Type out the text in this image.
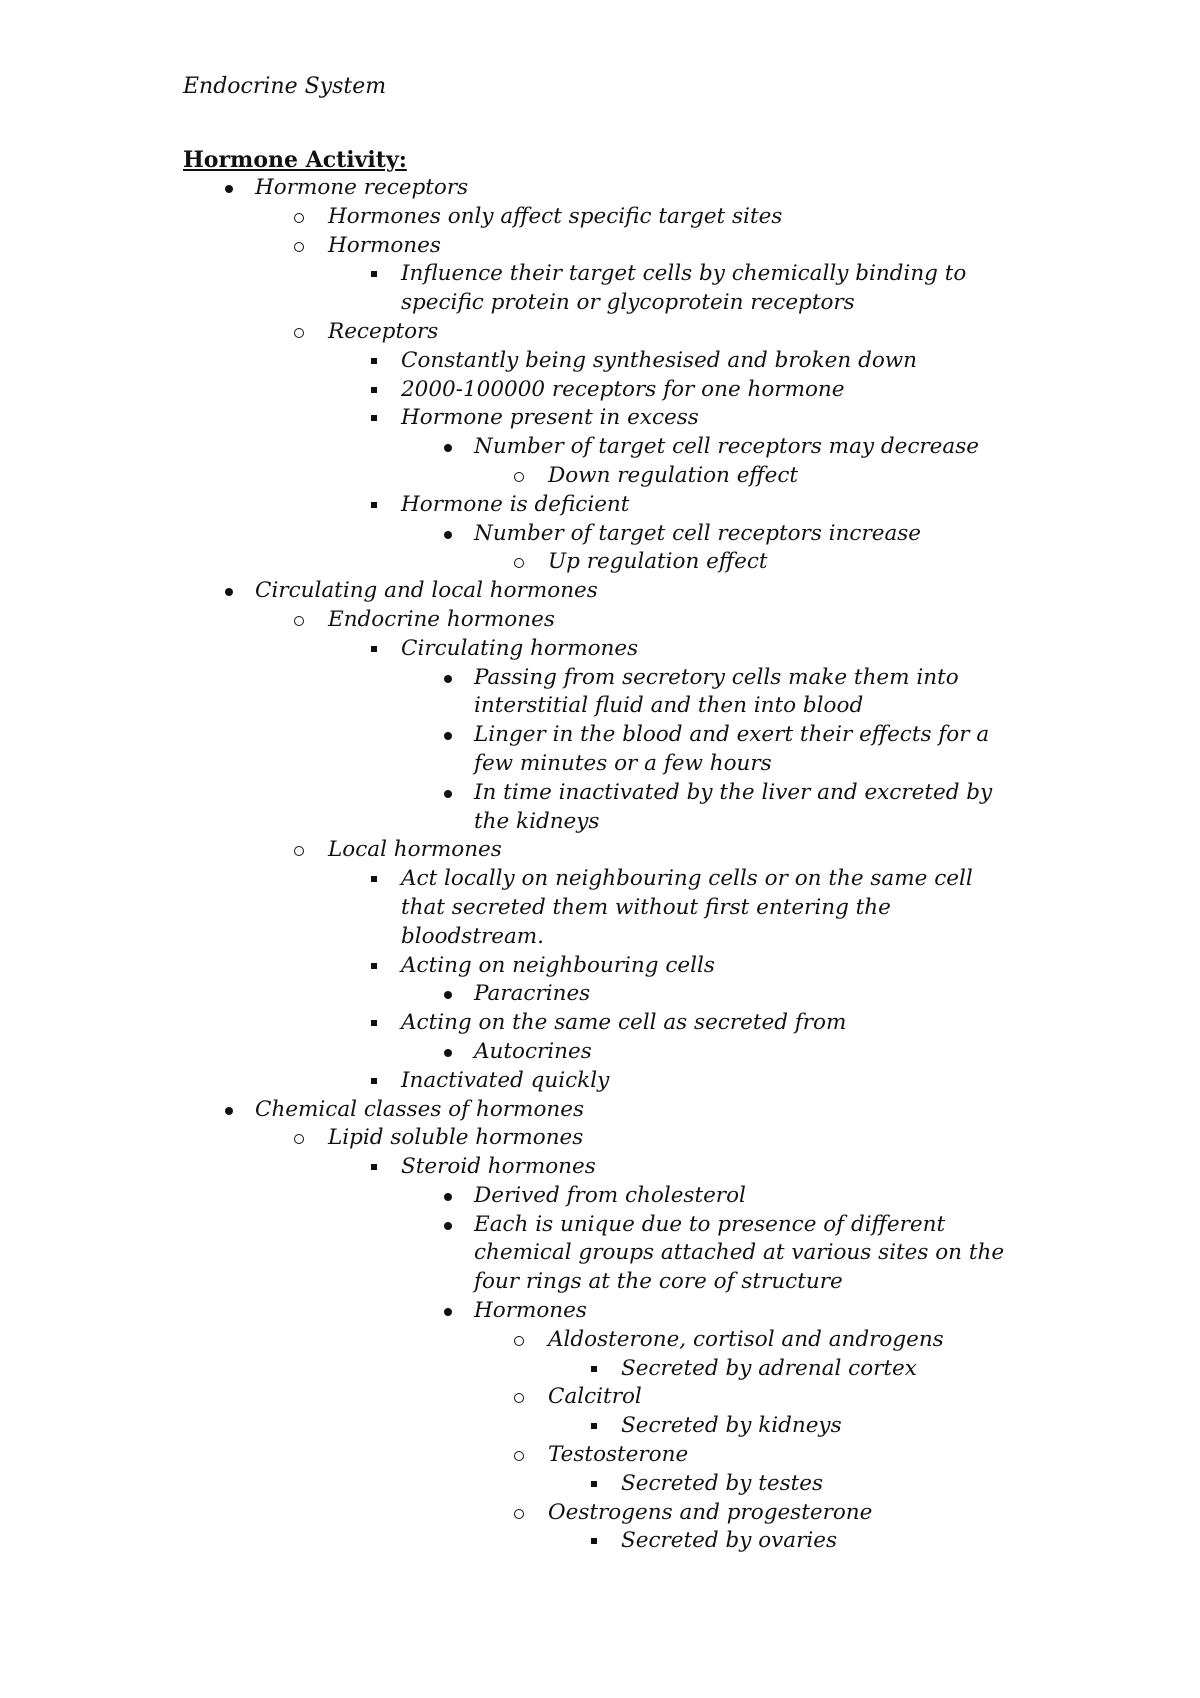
Endocrine System
Hormone Activity:
Hormone receptors
Hormones only affect specific target sites
Hormones
Influence their target cells by chemically binding to specific protein or glycoprotein receptors
Receptors
Constantly being synthesised and broken down
2000-100000 receptors for one hormone
Hormone present in excess
Number of target cell receptors may decrease
Down regulation effect
Hormone is deficient
Number of target cell receptors increase
Up regulation effect
Circulating and local hormones
Endocrine hormones
Circulating hormones
Passing from secretory cells make them into interstitial fluid and then into blood
Linger in the blood and exert their effects for a few minutes or a few hours
In time inactivated by the liver and excreted by the kidneys
Local hormones
Act locally on neighbouring cells or on the same cell that secreted them without first entering the bloodstream.
Acting on neighbouring cells
Paracrines
Acting on the same cell as secreted from
Autocrines
Inactivated quickly
Chemical classes of hormones
Lipid soluble hormones
Steroid hormones
Derived from cholesterol
Each is unique due to presence of different chemical groups attached at various sites on the four rings at the core of structure
Hormones
Aldosterone, cortisol and androgens
Secreted by adrenal cortex
Calcitrol
Secreted by kidneys
Testosterone
Secreted by testes
Oestrogens and progesterone
Secreted by ovaries
